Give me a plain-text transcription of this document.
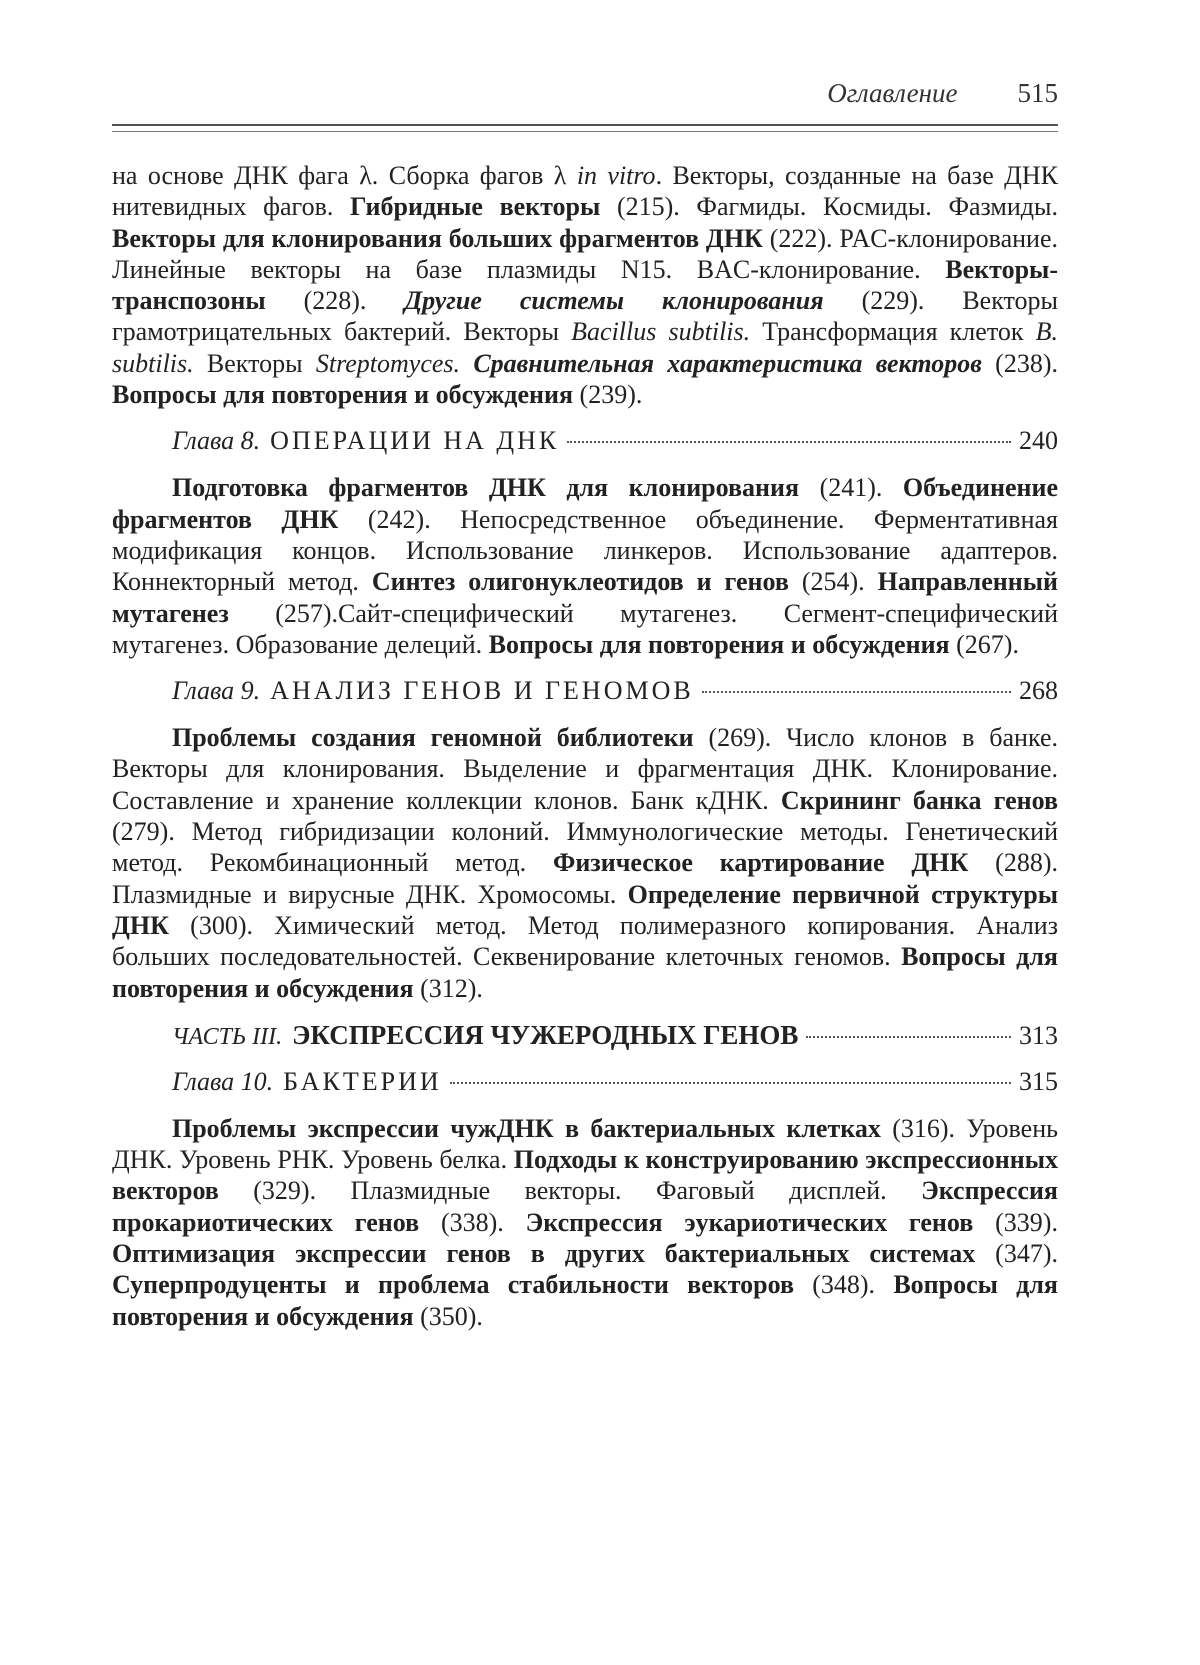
Оглавление 515

на основе ДНК фага λ. Сборка фагов λ in vitro. Векторы, созданные на базе ДНК нитевидных фагов. Гибридные векторы (215). Фагмиды. Космиды. Фазмиды. Векторы для клонирования больших фрагментов ДНК (222). PAC-клонирование. Линейные векторы на базе плазмиды N15. BAC-клонирование. Векторы-транспозоны (228). Другие системы клонирования (229). Векторы грамотрицательных бактерий. Векторы Bacillus subtilis. Трансформация клеток B. subtilis. Векторы Streptomyces. Сравнительная характеристика векторов (238). Вопросы для повторения и обсуждения (239).

Глава 8. ОПЕРАЦИИ НА ДНК	240

Подготовка фрагментов ДНК для клонирования (241). Объединение фрагментов ДНК (242). Непосредственное объединение. Ферментативная модификация концов. Использование линкеров. Использование адаптеров. Коннекторный метод. Синтез олигонуклеотидов и генов (254). Направленный мутагенез (257).Сайт-специфический мутагенез. Сегмент-специфический мутагенез. Образование делеций. Вопросы для повторения и обсуждения (267).

Глава 9. АНАЛИЗ ГЕНОВ И ГЕНОМОВ	268

Проблемы создания геномной библиотеки (269). Число клонов в банке. Векторы для клонирования. Выделение и фрагментация ДНК. Клонирование. Составление и хранение коллекции клонов. Банк кДНК. Скрининг банка генов (279). Метод гибридизации колоний. Иммунологические методы. Генетический метод. Рекомбинационный метод. Физическое картирование ДНК (288). Плазмидные и вирусные ДНК. Хромосомы. Определение первичной структуры ДНК (300). Химический метод. Метод полимеразного копирования. Анализ больших последовательностей. Секвенирование клеточных геномов. Вопросы для повторения и обсуждения (312).

ЧАСТЬ III. ЭКСПРЕССИЯ ЧУЖЕРОДНЫХ ГЕНОВ	313
Глава 10. БАКТЕРИИ	315

Проблемы экспрессии чужДНК в бактериальных клетках (316). Уровень ДНК. Уровень РНК. Уровень белка. Подходы к конструированию экспрессионных векторов (329). Плазмидные векторы. Фаговый дисплей. Экспрессия прокариотических генов (338). Экспрессия эукариотических генов (339). Оптимизация экспрессии генов в других бактериальных системах (347). Суперпродуценты и проблема стабильности векторов (348). Вопросы для повторения и обсуждения (350).
